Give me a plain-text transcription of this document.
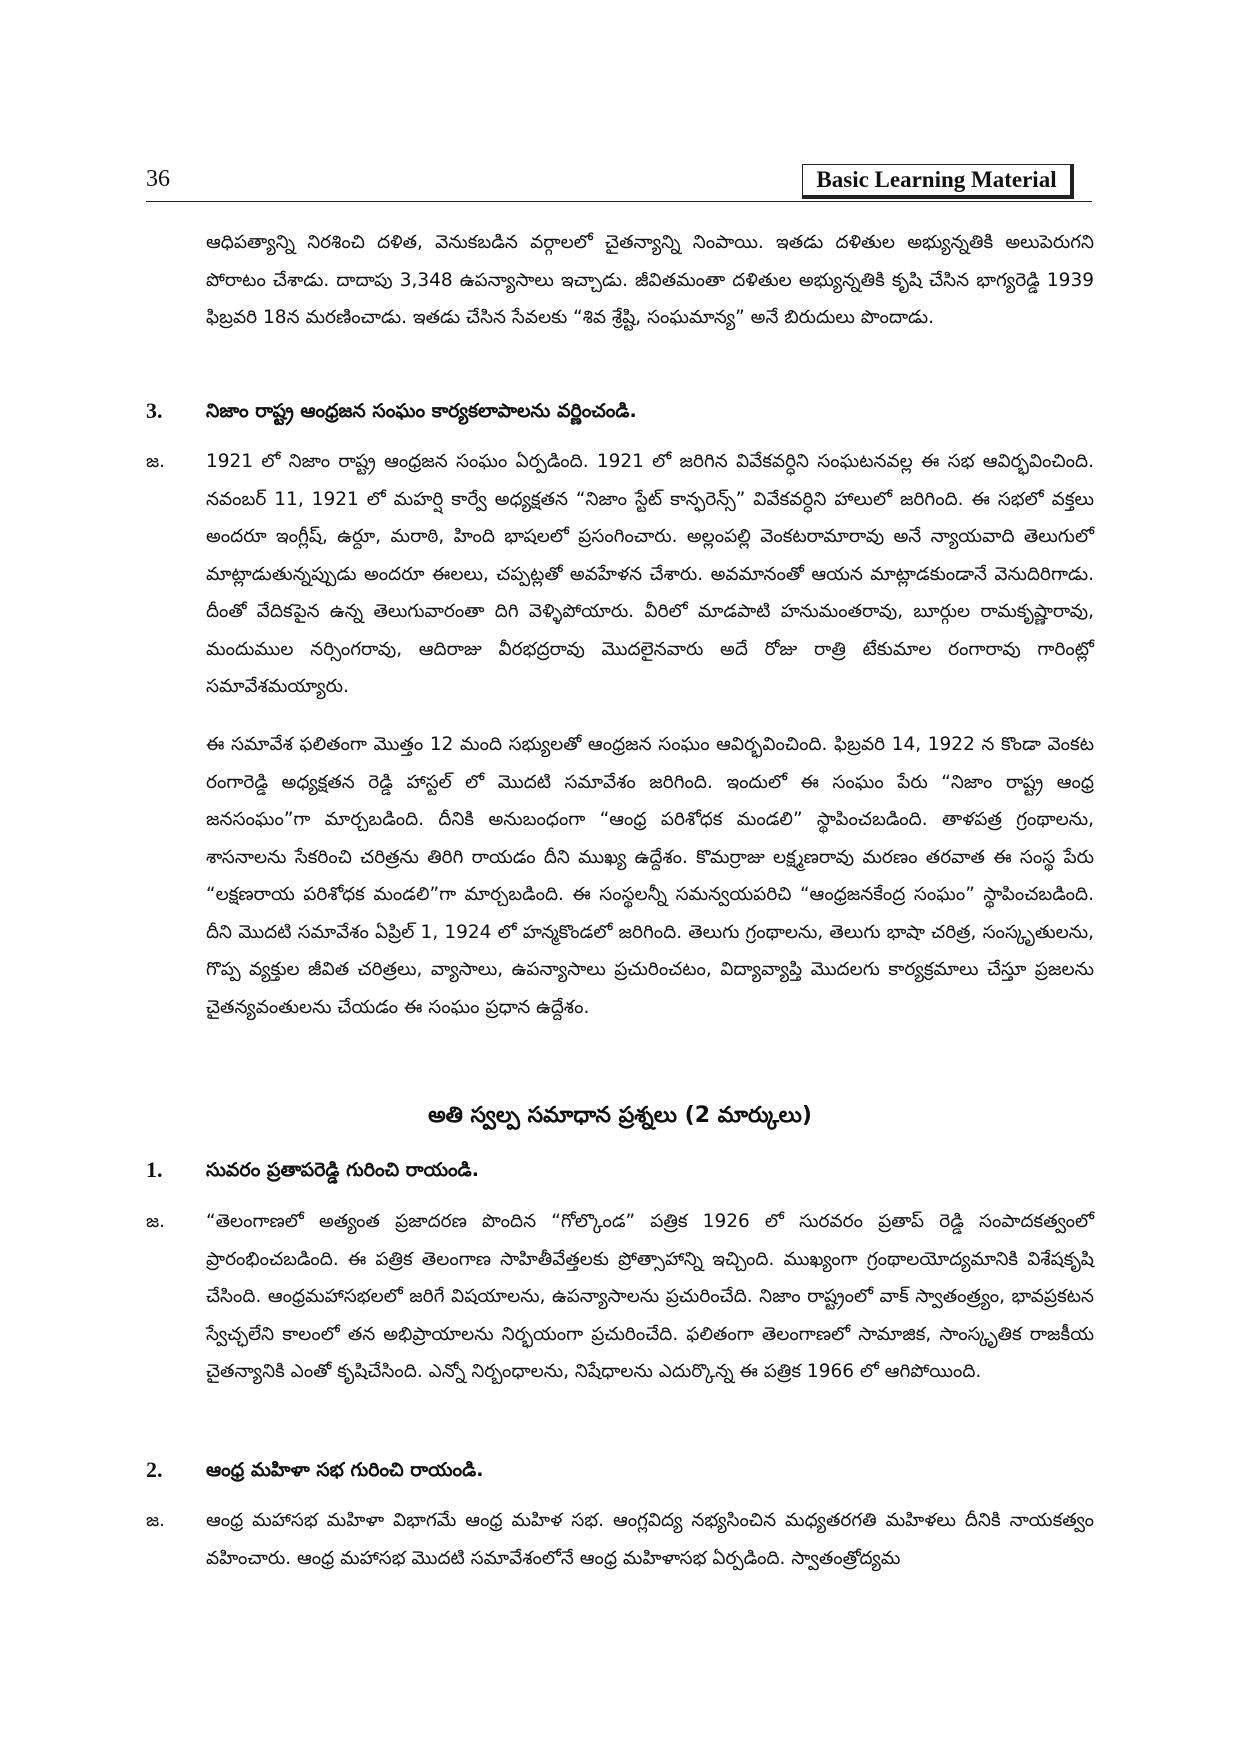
36	Basic Learning Material

ఆధిపత్యాన్ని నిరశించి దళిత, వెనుకబడిన వర్గాలలో చైతన్యాన్ని నింపాయి. ఇతడు దళితుల అభ్యున్నతికి అలుపెరుగని పోరాటం చేశాడు. దాదాపు 3,348 ఉపన్యాసాలు ఇచ్చాడు. జీవితమంతా దళితుల అభ్యున్నతికి కృషి చేసిన భాగ్యరెడ్డి 1939 ఫిబ్రవరి 18న మరణించాడు. ఇతడు చేసిన సేవలకు “శివ శ్రేష్టి, సంఘమాన్య” అనే బిరుదులు పొందాడు.

3.	నిజాం రాష్ట్ర ఆంధ్రజన సంఘం కార్యకలాపాలను వర్ణించండి.
జ.	1921 లో నిజాం రాష్ట్ర ఆంధ్రజన సంఘం ఏర్పడింది. 1921 లో జరిగిన వివేకవర్ధిని సంఘటనవల్ల ఈ సభ ఆవిర్భవించింది. నవంబర్ 11, 1921 లో మహర్షి కార్వే అధ్యక్షతన “నిజాం స్టేట్ కాన్ఫరెన్స్” వివేకవర్ధిని హాలులో జరిగింది. ఈ సభలో వక్తలు అందరూ ఇంగ్లీష్, ఉర్దూ, మరాఠి, హింది భాషలలో ప్రసంగించారు. అల్లంపల్లి వెంకటరామారావు అనే న్యాయవాది తెలుగులో మాట్లాడుతున్నప్పుడు అందరూ ఈలలు, చప్పట్లతో అవహేళన చేశారు. అవమానంతో ఆయన మాట్లాడకుండానే వెనుదిరిగాడు. దీంతో వేదికపైన ఉన్న తెలుగువారంతా దిగి వెళ్ళిపోయారు. వీరిలో మాడపాటి హనుమంతరావు, బూర్గుల రామకృష్ణారావు, మందుముల నర్సింగరావు, ఆదిరాజు వీరభద్రరావు మొదలైనవారు అదే రోజు రాత్రి టేకుమాల రంగారావు గారింట్లో సమావేశమయ్యారు.

ఈ సమావేశ ఫలితంగా మొత్తం 12 మంది సభ్యులతో ఆంధ్రజన సంఘం ఆవిర్భవించింది. ఫిబ్రవరి 14, 1922 న కొండా వెంకట రంగారెడ్డి అధ్యక్షతన రెడ్డి హాస్టల్ లో మొదటి సమావేశం జరిగింది. ఇందులో ఈ సంఘం పేరు “నిజాం రాష్ట్ర ఆంధ్ర జనసంఘం”గా మార్చబడింది. దీనికి అనుబంధంగా “ఆంధ్ర పరిశోధక మండలి” స్థాపించబడింది. తాళపత్ర గ్రంథాలను, శాసనాలను సేకరించి చరిత్రను తిరిగి రాయడం దీని ముఖ్య ఉద్దేశం. కొమర్రాజు లక్ష్మణరావు మరణం తరవాత ఈ సంస్థ పేరు “లక్షణరాయ పరిశోధక మండలి”గా మార్చబడింది. ఈ సంస్థలన్నీ సమన్వయపరిచి “ఆంధ్రజనకేంద్ర సంఘం” స్థాపించబడింది. దీని మొదటి సమావేశం ఏప్రిల్ 1, 1924 లో హన్మకొండలో జరిగింది. తెలుగు గ్రంథాలను, తెలుగు భాషా చరిత్ర, సంస్కృతులను, గొప్ప వ్యక్తుల జీవిత చరిత్రలు, వ్యాసాలు, ఉపన్యాసాలు ప్రచురించటం, విద్యావ్యాప్తి మొదలగు కార్యక్రమాలు చేస్తూ ప్రజలను చైతన్యవంతులను చేయడం ఈ సంఘం ప్రధాన ఉద్దేశం.

అతి స్వల్ప సమాధాన ప్రశ్నలు (2 మార్కులు)
1.	సువరం ప్రతాపరెడ్డి గురించి రాయండి.
జ.	“తెలంగాణలో అత్యంత ప్రజాదరణ పొందిన “గోల్కొండ” పత్రిక 1926 లో సురవరం ప్రతాప్ రెడ్డి సంపాదకత్వంలో ప్రారంభించబడింది. ఈ పత్రిక తెలంగాణ సాహితీవేత్తలకు ప్రోత్సాహాన్ని ఇచ్చింది. ముఖ్యంగా గ్రంథాలయోద్యమానికి విశేషకృషి చేసింది. ఆంధ్రమహాసభలలో జరిగే విషయాలను, ఉపన్యాసాలను ప్రచురించేది. నిజాం రాష్ట్రంలో వాక్ స్వాతంత్ర్యం, భావప్రకటన స్వేచ్ఛలేని కాలంలో తన అభిప్రాయాలను నిర్భయంగా ప్రచురించేది. ఫలితంగా తెలంగాణలో సామాజిక, సాంస్కృతిక రాజకీయ చైతన్యానికి ఎంతో కృషిచేసింది. ఎన్నో నిర్బంధాలను, నిషేధాలను ఎదుర్కొన్న ఈ పత్రిక 1966 లో ఆగిపోయింది.

2.	ఆంధ్ర మహిళా సభ గురించి రాయండి.
జ.	ఆంధ్ర మహాసభ మహిళా విభాగమే ఆంధ్ర మహిళ సభ. ఆంగ్లవిద్య నభ్యసించిన మధ్యతరగతి మహిళలు దీనికి నాయకత్వం వహించారు. ఆంధ్ర మహాసభ మొదటి సమావేశంలోనే ఆంధ్ర మహిళాసభ ఏర్పడింది. స్వాతంత్రోద్యమ
